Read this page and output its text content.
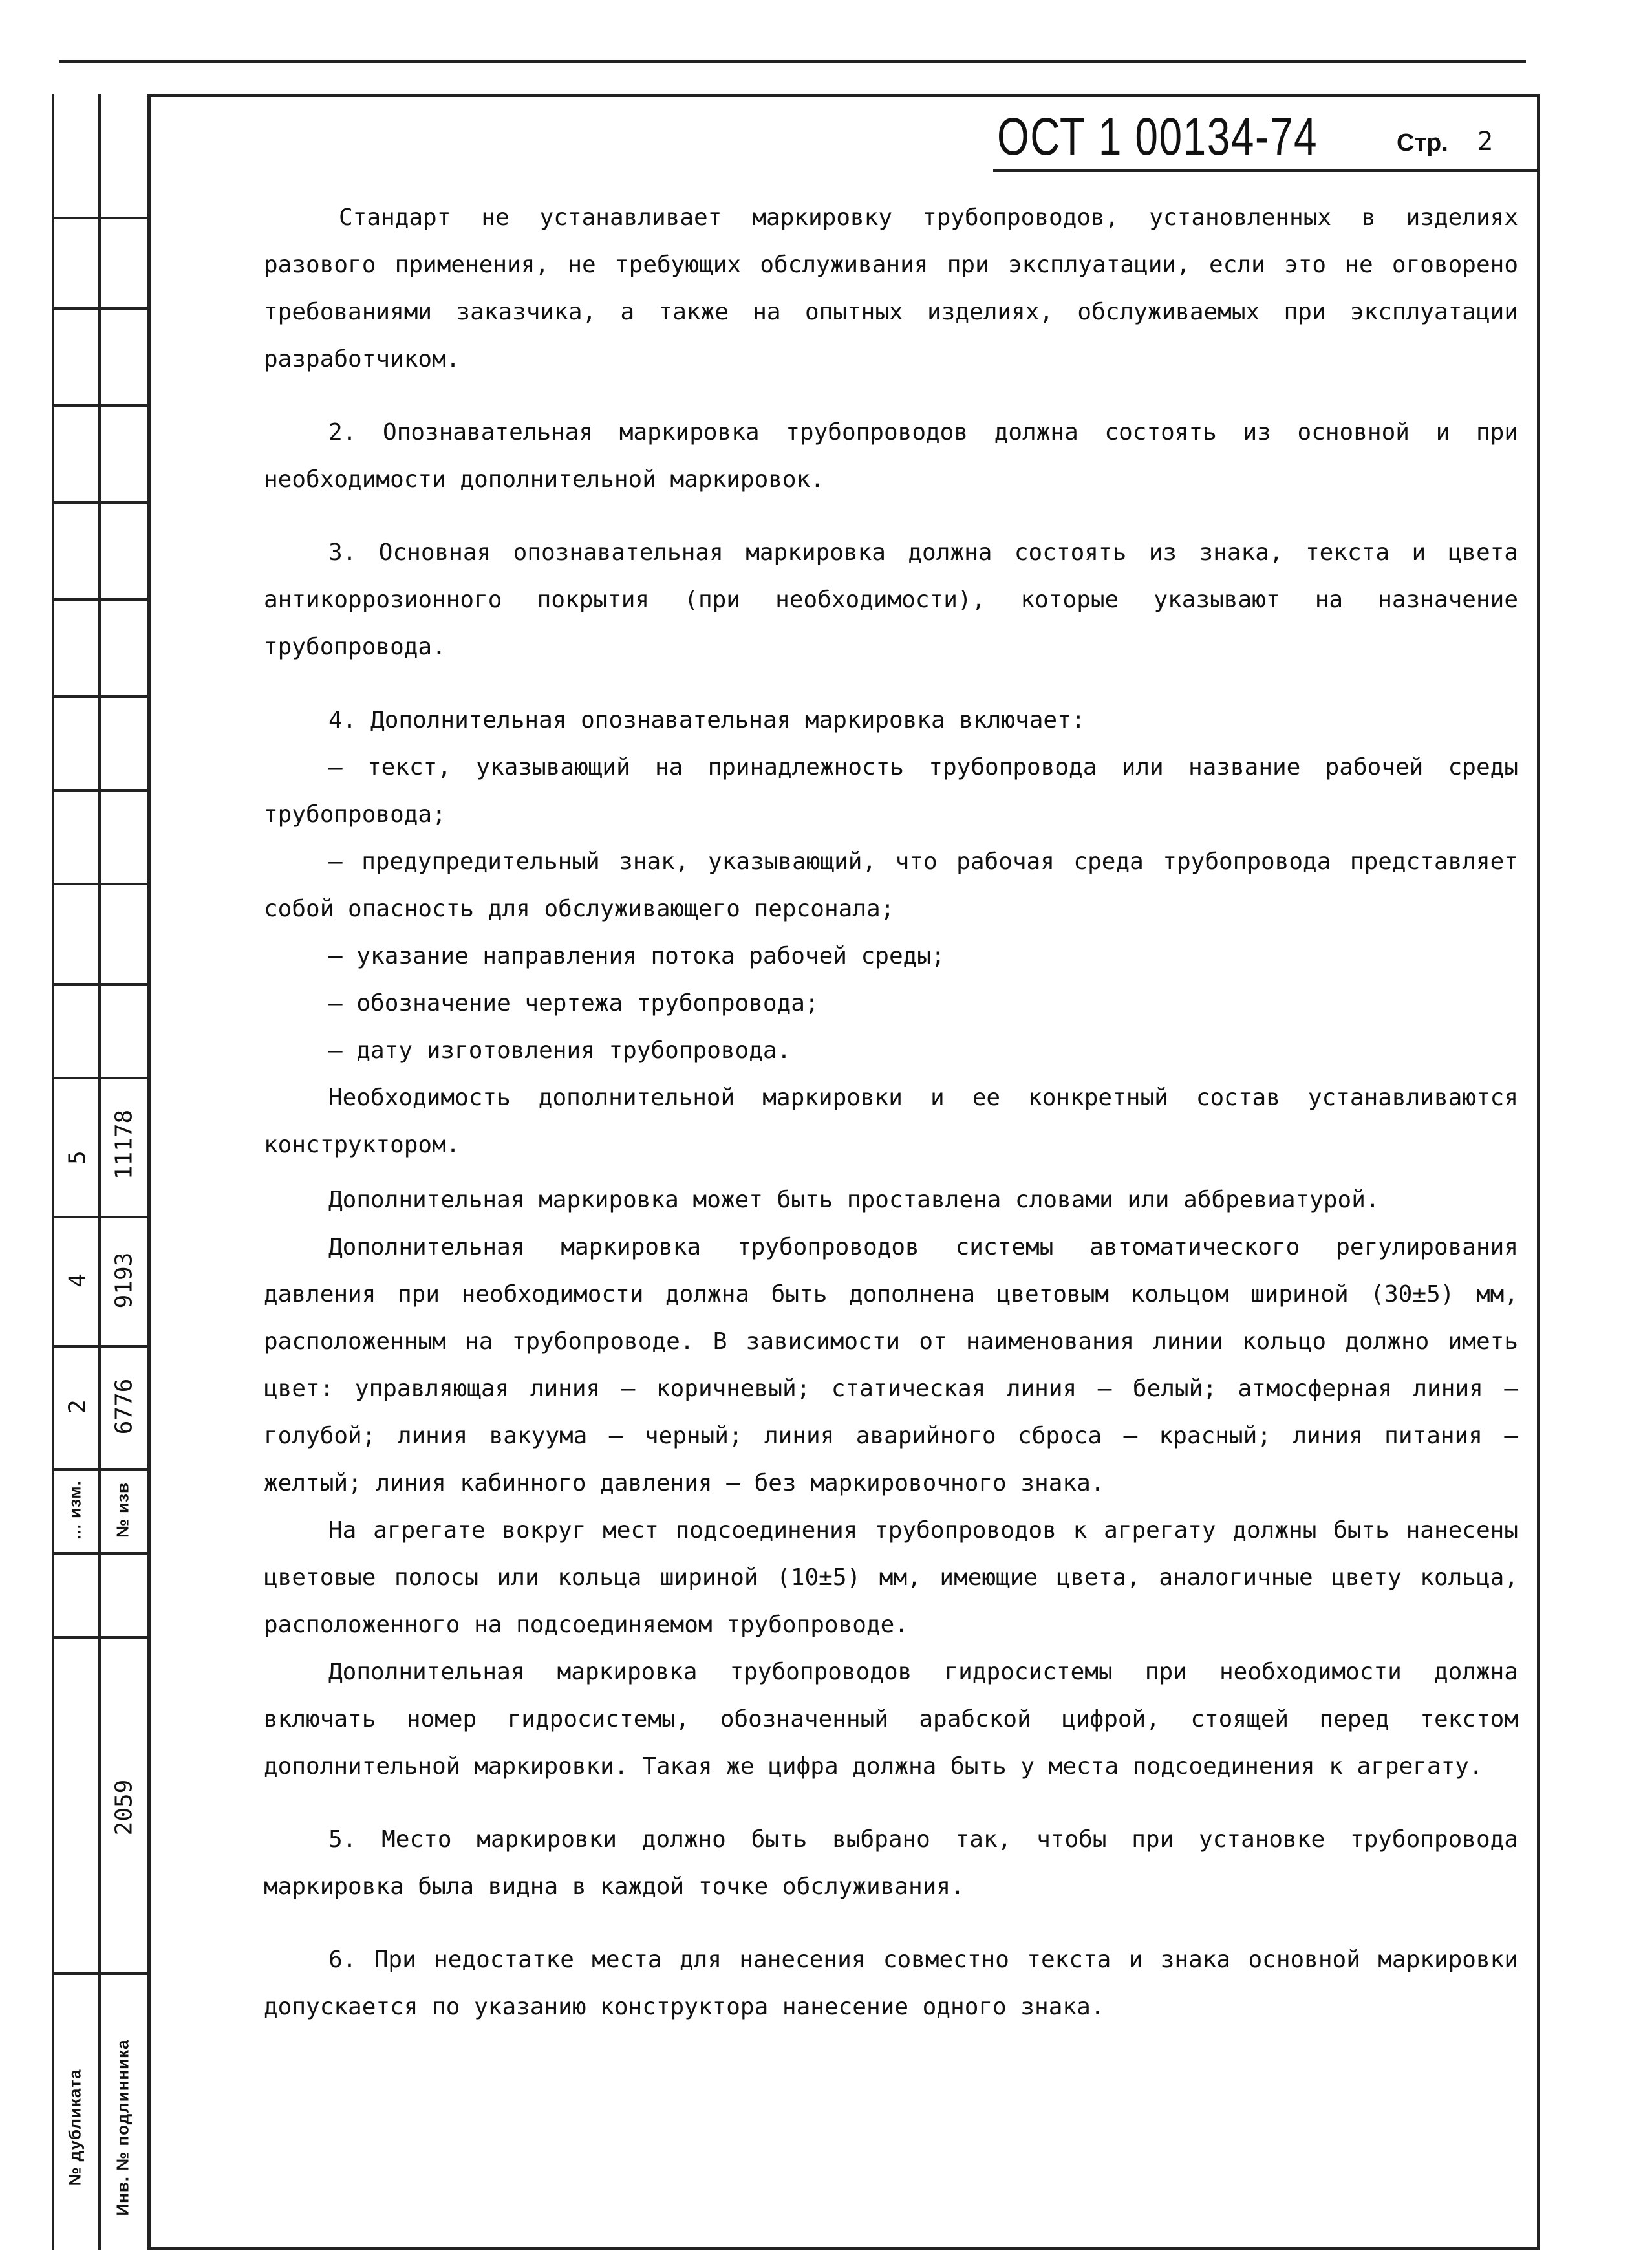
5 11178
4 9193
2 6776
... изм. № изв
2059
№ дубликата Инв. № подлинника
ОСТ 1 00134-74	Стр. 2

Стандарт не устанавливает маркировку трубопроводов, установленных в изделиях разового применения, не требующих обслуживания при эксплуатации, если это не оговорено требованиями заказчика, а также на опытных изделиях, обслуживаемых при эксплуатации разработчиком.

2. Опознавательная маркировка трубопроводов должна состоять из основной и при необходимости дополнительной маркировок.

3. Основная опознавательная маркировка должна состоять из знака, текста и цвета антикоррозионного покрытия (при необходимости), которые указывают на назначение трубопровода.

4. Дополнительная опознавательная маркировка включает:

– текст, указывающий на принадлежность трубопровода или название рабочей среды трубопровода;

– предупредительный знак, указывающий, что рабочая среда трубопровода представляет собой опасность для обслуживающего персонала;

– указание направления потока рабочей среды;

– обозначение чертежа трубопровода;

– дату изготовления трубопровода.

Необходимость дополнительной маркировки и ее конкретный состав устанавливаются конструктором.

Дополнительная маркировка может быть проставлена словами или аббревиатурой.

Дополнительная маркировка трубопроводов системы автоматического регулирования давления при необходимости должна быть дополнена цветовым кольцом шириной (30±5) мм, расположенным на трубопроводе. В зависимости от наименования линии кольцо должно иметь цвет: управляющая линия – коричневый; статическая линия – белый; атмосферная линия – голубой; линия вакуума – черный; линия аварийного сброса – красный; линия питания – желтый; линия кабинного давления – без маркировочного знака.

На агрегате вокруг мест подсоединения трубопроводов к агрегату должны быть нанесены цветовые полосы или кольца шириной (10±5) мм, имеющие цвета, аналогичные цвету кольца, расположенного на подсоединяемом трубопроводе.

Дополнительная маркировка трубопроводов гидросистемы при необходимости должна включать номер гидросистемы, обозначенный арабской цифрой, стоящей перед текстом дополнительной маркировки. Такая же цифра должна быть у места подсоединения к агрегату.

5. Место маркировки должно быть выбрано так, чтобы при установке трубопровода маркировка была видна в каждой точке обслуживания.

6. При недостатке места для нанесения совместно текста и знака основной маркировки допускается по указанию конструктора нанесение одного знака.
